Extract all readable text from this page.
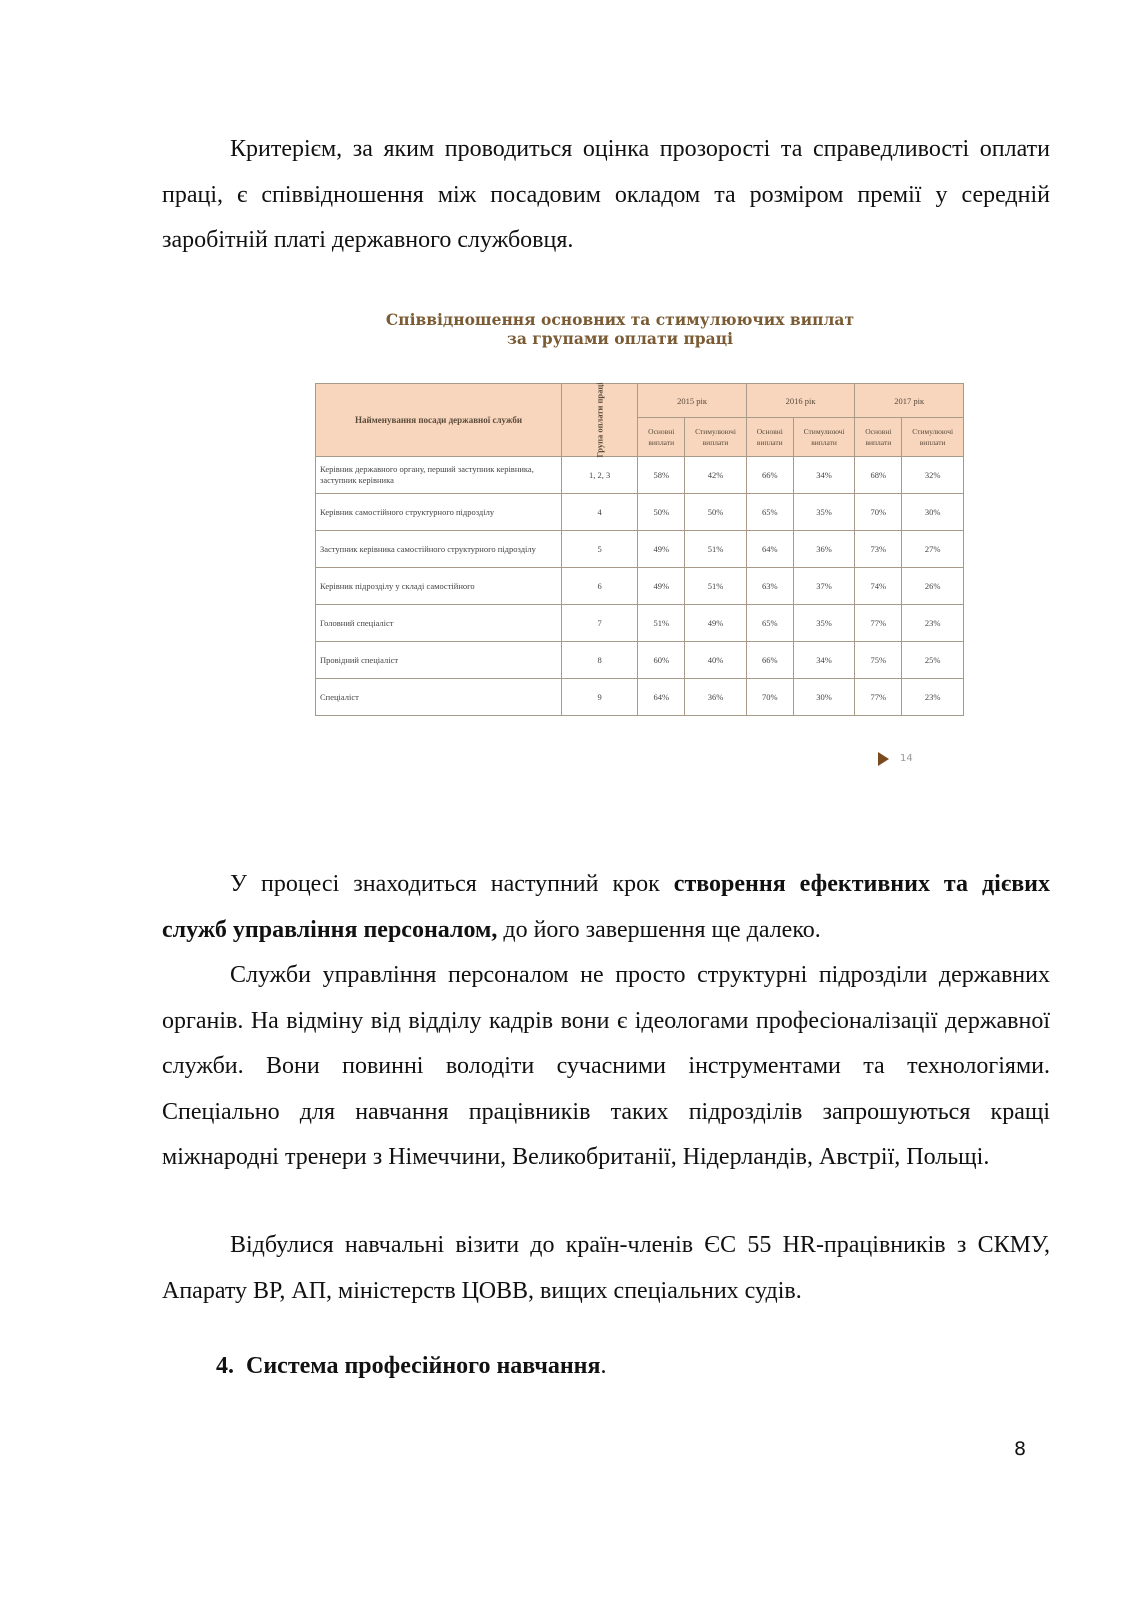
Критерієм, за яким проводиться оцінка прозорості та справедливості оплати праці, є співвідношення між посадовим окладом та розміром премії у середній заробітній платі державного службовця.

Співвідношення основних та стимулюючих виплат
за групами оплати праці
Найменування посади державної служби	Група оплати праці	2015 рік		2016 рік		2017 рік	
		Основні виплати	Стимулюючі виплати	Основні виплати	Стимулюючі виплати	Основні виплати	Стимулюючі виплати
Керівник державного органу, перший заступник керівника, заступник керівника	1, 2, 3	58%	42%	66%	34%	68%	32%
Керівник самостійного структурного підрозділу	4	50%	50%	65%	35%	70%	30%
Заступник керівника самостійного структурного підрозділу	5	49%	51%	64%	36%	73%	27%
Керівник підрозділу у складі самостійного	6	49%	51%	63%	37%	74%	26%
Головний спеціаліст	7	51%	49%	65%	35%	77%	23%
Провідний спеціаліст	8	60%	40%	66%	34%	75%	25%
Спеціаліст	9	64%	36%	70%	30%	77%	23%
14

У процесі знаходиться наступний крок створення ефективних та дієвих служб управління персоналом, до його завершення ще далеко.

Служби управління персоналом не просто структурні підрозділи державних органів. На відміну від відділу кадрів вони є ідеологами професіоналізації державної служби. Вони повинні володіти сучасними інструментами та технологіями. Спеціально для навчання працівників таких підрозділів запрошуються кращі міжнародні тренери з Німеччини, Великобританії, Нідерландів, Австрії, Польщі.

Відбулися навчальні візити до країн-членів ЄС 55 HR-працівників з СКМУ, Апарату ВР, АП, міністерств ЦОВВ, вищих спеціальних судів.

4. Система професійного навчання.

8
